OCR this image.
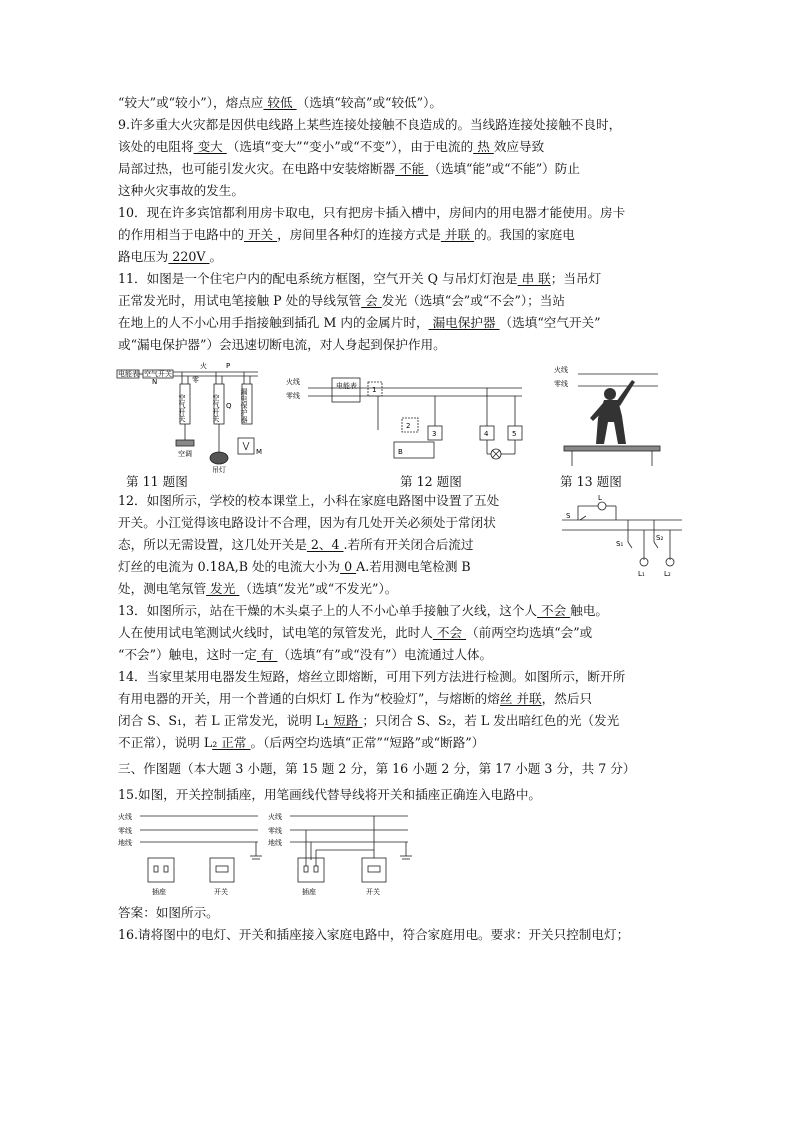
“较大”或“较小”），熔点应 较低 （选填“较高”或“较低”）。

9.许多重大火灾都是因供电线路上某些连接处接触不良造成的。当线路连接处接触不良时，

该处的电阻将 变大 （选填“变大”“变小”或“不变”），由于电流的 热 效应导致

局部过热，也可能引发火灾。在电路中安装熔断器 不能 （选填“能”或“不能”）防止

这种火灾事故的发生。

10．现在许多宾馆都利用房卡取电，只有把房卡插入槽中，房间内的用电器才能使用。房卡

的作用相当于电路中的 开关 ，房间里各种灯的连接方式是 并联 的。我国的家庭电

路电压为 220V 。

11．如图是一个住宅户内的配电系统方框图，空气开关 Q 与吊灯灯泡是 串 联；当吊灯

正常发光时，用试电笔接触 P 处的导线氖管 会 发光（选填“会”或“不会”）；当站

在地上的人不小心用手指接触到插孔 M 内的金属片时， 漏电保护器 （选填“空气开关”

或“漏电保护器”）会迅速切断电流，对人身起到保护作用。

电能表 空气开关
火
零
P
N
Q
M
空气开关	空气开关	漏电保护器
空调
吊灯
火线
零线
电能表 1
2
3	4	5
B
火线
零线
第 11 题图	第 12 题图	第 13 题图

12．如图所示，学校的校本课堂上，小科在家庭电路图中设置了五处

开关。小江觉得该电路设计不合理，因为有几处开关必须处于常闭状

态，所以无需设置，这几处开关是 2、4 .若所有开关闭合后流过

灯丝的电流为 0.18A,B 处的电流大小为 0 A.若用测电笔检测 B

处，测电笔氖管 发光 （选填“发光”或“不发光”）。

L
S
S₁
S₂
L₁	L₂

13．如图所示，站在干燥的木头桌子上的人不小心单手接触了火线，这个人 不会 触电。

人在使用试电笔测试火线时，试电笔的氖管发光，此时人 不会 （前两空均选填“会”或

“不会”）触电，这时一定 有 （选填“有”或“没有”）电流通过人体。

14．当家里某用电器发生短路，熔丝立即熔断，可用下列方法进行检测。如图所示，断开所

有用电器的开关，用一个普通的白炽灯 L 作为“校验灯”，与熔断的熔丝 并联，然后只

闭合 S、S₁，若 L 正常发光，说明 L₁ 短路 ；只闭合 S、S₂，若 L 发出暗红色的光（发光

不正常），说明 L₂ 正常 。（后两空均选填“正常”“短路”或“断路”）

三、作图题（本大题 3 小题，第 15 题 2 分，第 16 小题 2 分，第 17 小题 3 分，共 7 分）

15.如图，开关控制插座，用笔画线代替导线将开关和插座正确连入电路中。

火线
零线
地线
插座	开关
火线
零线
地线
插座	开关

答案：如图所示。

16.请将图中的电灯、开关和插座接入家庭电路中，符合家庭用电。要求：开关只控制电灯；
